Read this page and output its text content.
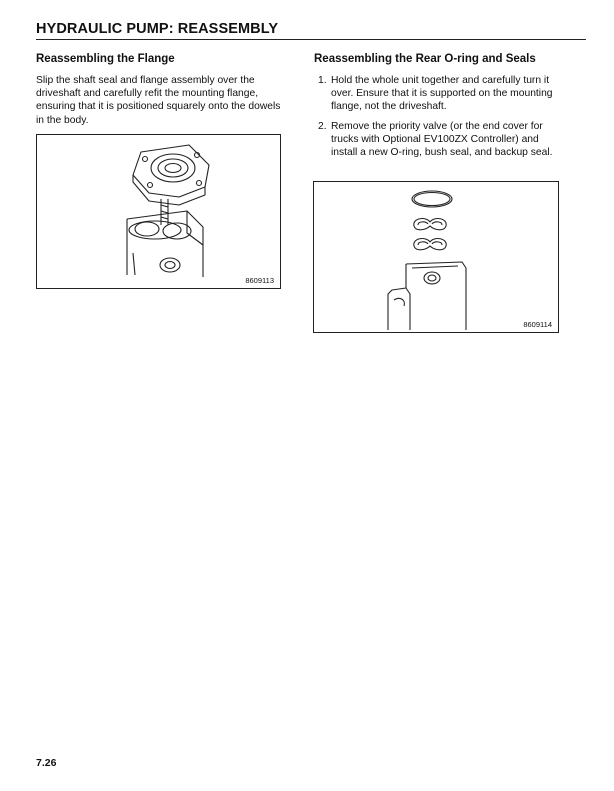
HYDRAULIC PUMP: REASSEMBLY
Reassembling the Flange

Slip the shaft seal and flange assembly over the driveshaft and carefully refit the mounting flange, ensuring that it is positioned squarely onto the dowels in the body.

8609113
Reassembling the Rear O-ring and Seals
1. Hold the whole unit together and carefully turn it over. Ensure that it is supported on the mounting flange, not the driveshaft.
2. Remove the priority valve (or the end cover for trucks with Optional EV100ZX Controller) and install a new O-ring, bush seal, and backup seal.
8609114
7.26
